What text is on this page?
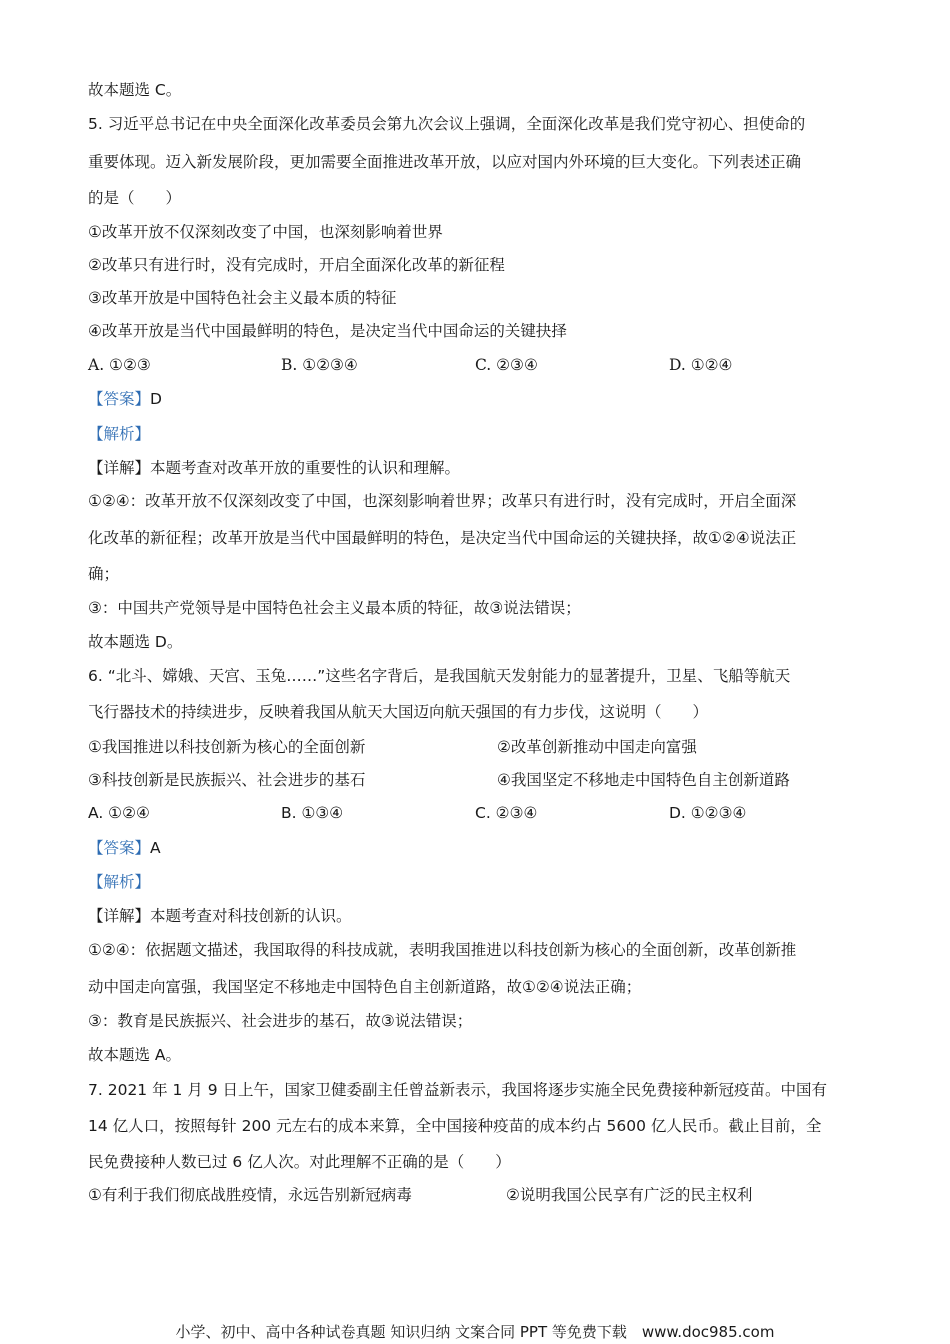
故本题选 C。
5. 习近平总书记在中央全面深化改革委员会第九次会议上强调，全面深化改革是我们党守初心、担使命的
重要体现。迈入新发展阶段，更加需要全面推进改革开放，以应对国内外环境的巨大变化。下列表述正确
的是（　　）
①改革开放不仅深刻改变了中国，也深刻影响着世界
②改革只有进行时，没有完成时，开启全面深化改革的新征程
③改革开放是中国特色社会主义最本质的特征
④改革开放是当代中国最鲜明的特色，是决定当代中国命运的关键抉择
A. ①②③	B. ①②③④	C. ②③④	D. ①②④
【答案】D
【解析】
【详解】本题考查对改革开放的重要性的认识和理解。
①②④：改革开放不仅深刻改变了中国，也深刻影响着世界；改革只有进行时，没有完成时，开启全面深
化改革的新征程；改革开放是当代中国最鲜明的特色，是决定当代中国命运的关键抉择，故①②④说法正
确；
③：中国共产党领导是中国特色社会主义最本质的特征，故③说法错误；
故本题选 D。
6. “北斗、嫦娥、天宫、玉兔……”这些名字背后，是我国航天发射能力的显著提升，卫星、飞船等航天
飞行器技术的持续进步，反映着我国从航天大国迈向航天强国的有力步伐，这说明（　　）
①我国推进以科技创新为核心的全面创新	②改革创新推动中国走向富强
③科技创新是民族振兴、社会进步的基石	④我国坚定不移地走中国特色自主创新道路
A. ①②④	B. ①③④	C. ②③④	D. ①②③④
【答案】A
【解析】
【详解】本题考查对科技创新的认识。
①②④：依据题文描述，我国取得的科技成就，表明我国推进以科技创新为核心的全面创新，改革创新推
动中国走向富强，我国坚定不移地走中国特色自主创新道路，故①②④说法正确；
③：教育是民族振兴、社会进步的基石，故③说法错误；
故本题选 A。
7. 2021 年 1 月 9 日上午，国家卫健委副主任曾益新表示，我国将逐步实施全民免费接种新冠疫苗。中国有
14 亿人口，按照每针 200 元左右的成本来算，全中国接种疫苗的成本约占 5600 亿人民币。截止目前，全
民免费接种人数已过 6 亿人次。对此理解不正确的是（　　）
①有利于我们彻底战胜疫情，永远告别新冠病毒	②说明我国公民享有广泛的民主权利
小学、初中、高中各种试卷真题 知识归纳 文案合同 PPT 等免费下载　www.doc985.com
